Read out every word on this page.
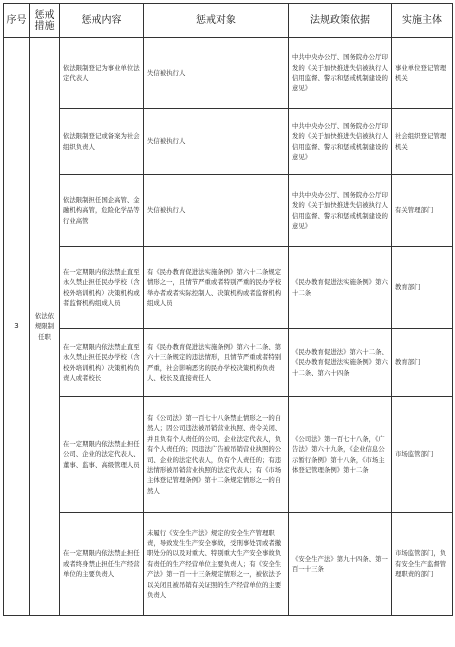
序号	惩戒措施	惩戒内容	惩戒对象	法规政策依据	实施主体
3	依法依规限制任职	依法限制登记为事业单位法定代表人	失信被执行人	中共中央办公厅、国务院办公厅印发的《关于加快推进失信被执行人信用监督、警示和惩戒机制建设的意见》	事业单位登记管理机关
		依法限制登记或备案为社会组织负责人	失信被执行人	中共中央办公厅、国务院办公厅印发的《关于加快推进失信被执行人信用监督、警示和惩戒机制建设的意见》	社会组织登记管理机关
		依法限制担任国企高管、金融机构高管，危险化学品等行业高管	失信被执行人	中共中央办公厅、国务院办公厅印发的《关于加快推进失信被执行人信用监督、警示和惩戒机制建设的意见》	有关管理部门
		在一定期限内依法禁止直至永久禁止担任民办学校（含校外培训机构）决策机构或者监督机构组成人员	有《民办教育促进法实施条例》第六十二条规定情形之一，且情节严重或者特别严重的民办学校举办者或者实际控制人、决策机构或者监督机构组成人员	《民办教育促进法实施条例》第六十二条	教育部门
		在一定期限内依法禁止直至永久禁止担任民办学校（含校外培训机构）决策机构负责人或者校长	有《民办教育促进法实施条例》第六十二条、第六十三条规定的违法情形，且情节严重或者特别严重，社会影响恶劣的民办学校决策机构负责人、校长及直接责任人	《民办教育促进法》第六十二条、《民办教育促进法实施条例》第六十二条、第六十四条	教育部门
		在一定期限内依法禁止担任公司、企业的法定代表人、董事、监事、高级管理人员	有《公司法》第一百七十八条禁止情形之一的自然人；因公司违法被吊销营业执照、责令关闭、并且负有个人责任的公司、企业法定代表人，负有个人责任的；因违法广告被吊销营业执照的公司、企业的法定代表人，负有个人责任的；有违法情形被吊销营业执照的法定代表人；有《市场主体登记管理条例》第十二条规定情形之一的自然人	《公司法》第一百七十八条，《广告法》第六十九条，《企业信息公示暂行条例》第十八条，《市场主体登记管理条例》第十二条	市场监管部门
		在一定期限内依法禁止担任或者终身禁止担任生产经营单位的主要负责人	未履行《安全生产法》规定的安全生产管理职责，导致发生生产安全事故，受刑事处罚或者撤职处分的以及对重大、特别重大生产安全事故负有责任的生产经营单位主要负责人；有《安全生产法》第一百一十三条规定情形之一，被依法予以关闭且被吊销有关证照的生产经营单位的主要负责人	《安全生产法》第九十四条、第一百一十三条	市场监管部门，负有安全生产监督管理职责的部门
